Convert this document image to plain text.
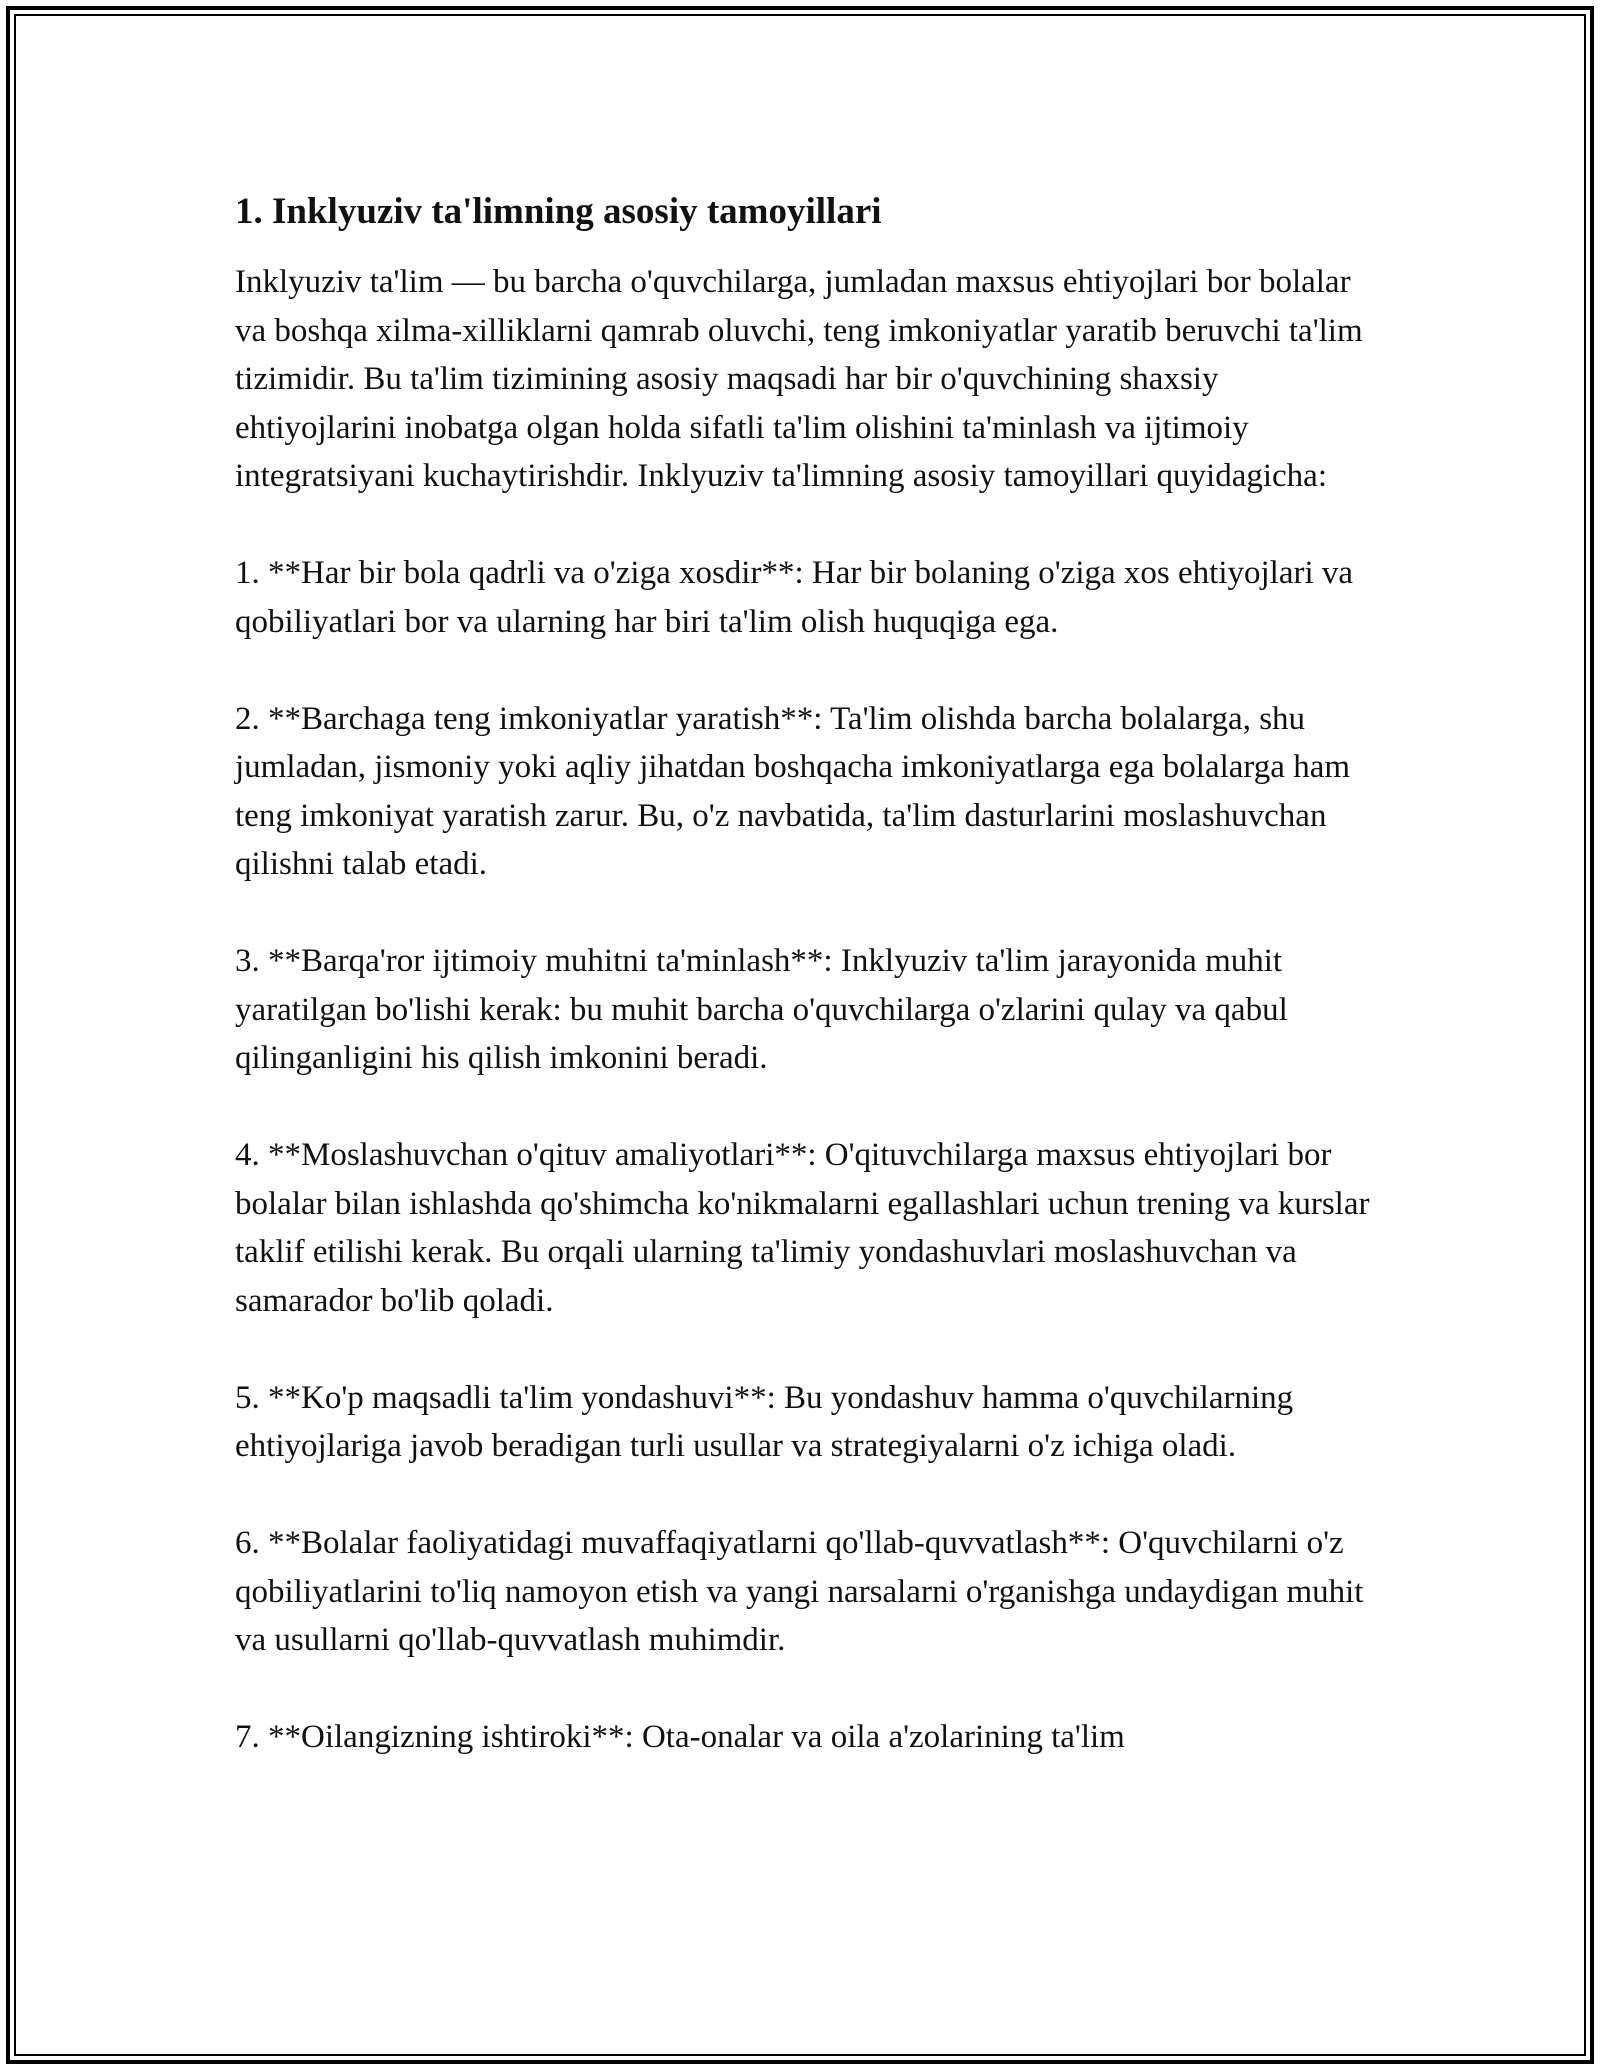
1. Inklyuziv ta'limning asosiy tamoyillari

Inklyuziv ta'lim — bu barcha o'quvchilarga, jumladan maxsus ehtiyojlari bor bolalar va boshqa xilma-xilliklarni qamrab oluvchi, teng imkoniyatlar yaratib beruvchi ta'lim tizimidir. Bu ta'lim tizimining asosiy maqsadi har bir o'quvchining shaxsiy ehtiyojlarini inobatga olgan holda sifatli ta'lim olishini ta'minlash va ijtimoiy integratsiyani kuchaytirishdir. Inklyuziv ta'limning asosiy tamoyillari quyidagicha:

1. **Har bir bola qadrli va o'ziga xosdir**: Har bir bolaning o'ziga xos ehtiyojlari va qobiliyatlari bor va ularning har biri ta'lim olish huquqiga ega.

2. **Barchaga teng imkoniyatlar yaratish**: Ta'lim olishda barcha bolalarga, shu jumladan, jismoniy yoki aqliy jihatdan boshqacha imkoniyatlarga ega bolalarga ham teng imkoniyat yaratish zarur. Bu, o'z navbatida, ta'lim dasturlarini moslashuvchan qilishni talab etadi.

3. **Barqa'ror ijtimoiy muhitni ta'minlash**: Inklyuziv ta'lim jarayonida muhit yaratilgan bo'lishi kerak: bu muhit barcha o'quvchilarga o'zlarini qulay va qabul qilinganligini his qilish imkonini beradi.

4. **Moslashuvchan o'qituv amaliyotlari**: O'qituvchilarga maxsus ehtiyojlari bor bolalar bilan ishlashda qo'shimcha ko'nikmalarni egallashlari uchun trening va kurslar taklif etilishi kerak. Bu orqali ularning ta'limiy yondashuvlari moslashuvchan va samarador bo'lib qoladi.

5. **Ko'p maqsadli ta'lim yondashuvi**: Bu yondashuv hamma o'quvchilarning ehtiyojlariga javob beradigan turli usullar va strategiyalarni o'z ichiga oladi.

6. **Bolalar faoliyatidagi muvaffaqiyatlarni qo'llab-quvvatlash**: O'quvchilarni o'z qobiliyatlarini to'liq namoyon etish va yangi narsalarni o'rganishga undaydigan muhit va usullarni qo'llab-quvvatlash muhimdir.

7. **Oilangizning ishtiroki**: Ota-onalar va oila a'zolarining ta'lim
